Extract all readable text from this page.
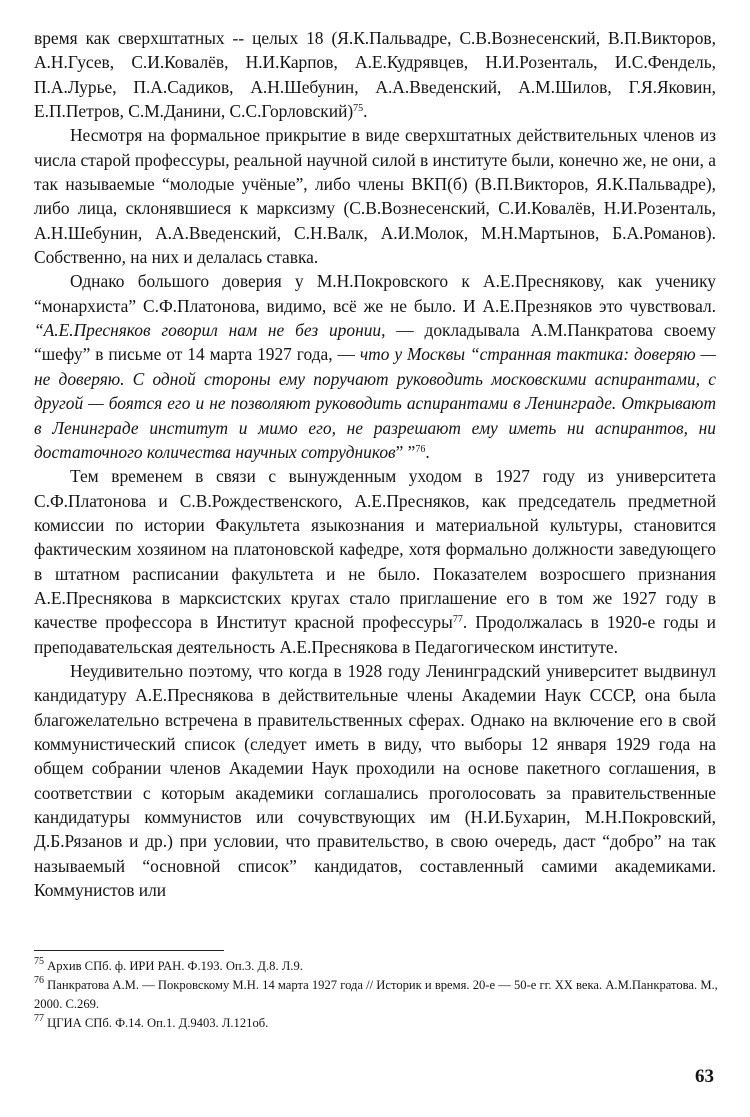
время как сверхштатных -- целых 18 (Я.К.Пальвадре, С.В.Вознесенский, В.П.Викторов, А.Н.Гусев, С.И.Ковалёв, Н.И.Карпов, А.Е.Кудрявцев, Н.И.Розенталь, И.С.Фендель, П.А.Лурье, П.А.Садиков, А.Н.Шебунин, А.А.Введенский, А.М.Шилов, Г.Я.Яковин, Е.П.Петров, С.М.Данини, С.С.Горловский)$^{75}$.

Несмотря на формальное прикрытие в виде сверхштатных действительных членов из числа старой профессуры, реальной научной силой в институте были, конечно же, не они, а так называемые “молодые учёные”, либо члены ВКП(б) (В.П.Викторов, Я.К.Пальвадре), либо лица, склонявшиеся к марксизму (С.В.Вознесенский, С.И.Ковалёв, Н.И.Розенталь, А.Н.Шебунин, А.А.Введенский, С.Н.Валк, А.И.Молок, М.Н.Мартынов, Б.А.Романов). Собственно, на них и делалась ставка.

Однако большого доверия у М.Н.Покровского к А.Е.Преснякову, как ученику “монархиста” С.Ф.Платонова, видимо, всё же не было. И А.Е.Презняков это чувствовал. “А.Е.Пресняков говорил нам не без иронии, — докладывала А.М.Панкратова своему “шефу” в письме от 14 марта 1927 года, — что у Москвы “странная тактика: доверяю — не доверяю. С одной стороны ему поручают руководить московскими аспирантами, с другой — боятся его и не позволяют руководить аспирантами в Ленинграде. Открывают в Ленинграде институт и мимо его, не разрешают ему иметь ни аспирантов, ни достаточного количества научных сотрудников” ”$^{76}$.

Тем временем в связи с вынужденным уходом в 1927 году из университета С.Ф.Платонова и С.В.Рождественского, А.Е.Пресняков, как председатель предметной комиссии по истории Факультета языкознания и материальной культуры, становится фактическим хозяином на платоновской кафедре, хотя формально должности заведующего в штатном расписании факультета и не было. Показателем возросшего признания А.Е.Преснякова в марксистских кругах стало приглашение его в том же 1927 году в качестве профессора в Институт красной профессуры$^{77}$. Продолжалась в 1920-е годы и преподавательская деятельность А.Е.Преснякова в Педагогическом институте.

Неудивительно поэтому, что когда в 1928 году Ленинградский университет выдвинул кандидатуру А.Е.Преснякова в действительные члены Академии Наук СССР, она была благожелательно встречена в правительственных сферах. Однако на включение его в свой коммунистический список (следует иметь в виду, что выборы 12 января 1929 года на общем собрании членов Академии Наук проходили на основе пакетного соглашения, в соответствии с которым академики соглашались проголосовать за правительственные кандидатуры коммунистов или сочувствующих им (Н.И.Бухарин, М.Н.Покровский, Д.Б.Рязанов и др.) при условии, что правительство, в свою очередь, даст “добро” на так называемый “основной список” кандидатов, составленный самими академиками. Коммунистов или

$^{75}$ Архив СПб. ф. ИРИ РАН. Ф.193. Оп.3. Д.8. Л.9.

$^{76}$ Панкратова А.М. — Покровскому М.Н. 14 марта 1927 года // Историк и время. 20-е — 50-е гг. XX века. А.М.Панкратова. М., 2000. С.269.

$^{77}$ ЦГИА СПб. Ф.14. Оп.1. Д.9403. Л.121об.

63
